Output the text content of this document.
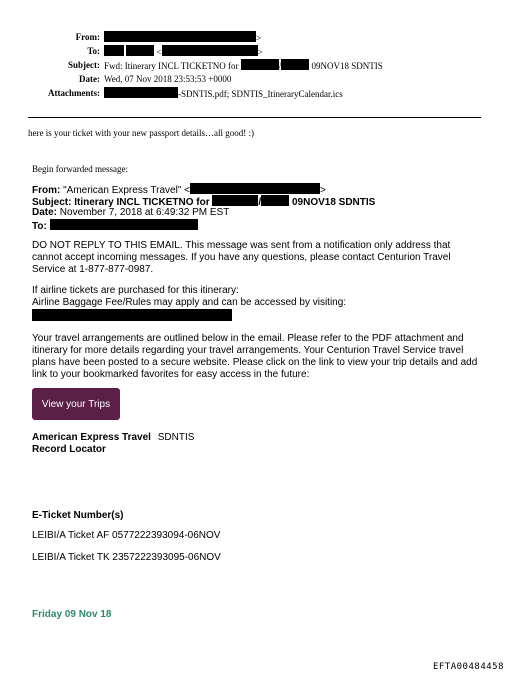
From:	>
To:	<	>
Subject: Fwd: Itinerary INCL TICKETNO for	/	09NOV18 SDNTIS
Date: Wed, 07 Nov 2018 23:53:53 +0000
Attachments:	-SDNTIS.pdf; SDNTIS_ItineraryCalendar.ics
here is your ticket with your new passport details…all good! :)
Begin forwarded message:
From: "American Express Travel" <	>
Subject: Itinerary INCL TICKETNO for	/	09NOV18 SDNTIS
Date: November 7, 2018 at 6:49:32 PM EST
To:
DO NOT REPLY TO THIS EMAIL. This message was sent from a notification only address that cannot accept incoming messages. If you have any questions, please contact Centurion Travel Service at 1-877-877-0987.
If airline tickets are purchased for this itinerary:
Airline Baggage Fee/Rules may apply and can be accessed by visiting:
Your travel arrangements are outlined below in the email. Please refer to the PDF attachment and itinerary for more details regarding your travel arrangements. Your Centurion Travel Service travel plans have been posted to a secure website. Please click on the link to view your trip details and add link to your bookmarked favorites for easy access in the future:
View your Trips
American Express Travel SDNTIS
Record Locator
E-Ticket Number(s)
LEIBI/A Ticket AF 0577222393094-06NOV
LEIBI/A Ticket TK 2357222393095-06NOV
Friday 09 Nov 18
EFTA00484458
